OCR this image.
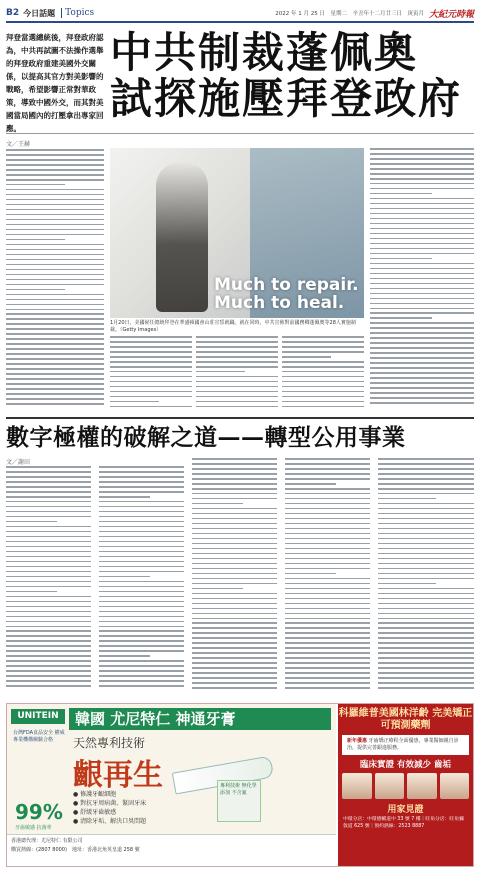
B2 今日話題 Topics	2022 年 1 月 25 日　星期二　辛丑年十二月廿三日　庚寅月 大紀元時報
拜登當選總統後，拜登政府認為，中共再試圖不法操作選舉的拜登政府重建美國外交關係，以提高其官方對美影響的戰略，希望影響正常對華政策，導致中國外交，而其對美國當局國內的打壓拿出專家回應。
中共制裁蓬佩奧
試探施壓拜登政府
文／王赫
Much to repair.
Much to heal.
1月20日，美國候任總統拜登在華盛頓國會山莊宣誓就職。就在同時，中共宣佈對前國務卿蓬佩奧等28人實施制裁。（Getty Images）
數字極權的破解之道——轉型公用事業
文／謝田
UNITEIN
台灣FDA食品安全 權威專業機構檢驗合格
99%
牙齒敏感 抗菌率
韓國 尤尼特仁 神通牙膏
天然專利技術
齦再生
● 修護牙齦細胞
● 對抗牙周病菌、緊固牙床
● 舒緩牙齒敏感
● 清除牙垢、解決口臭問題
專利技術 無化學添加 不含氟
香港總代理：尤尼特仁 有限公司
購買熱線：(2807 8000)　地址：香港北角英皇道 258 號
科羅維普美國林洋齡 完美矯正可預測藥劑
新年優惠 牙齒矯正療程全面優惠，專業醫師親自診治，提供完善跟進服務。
臨床實證 有效減少 齒垢
用家見證
中環分店：中環德輔道中 33 號 7 樓｜旺角分店：旺角彌敦道 625 號｜預約熱線：2523 8887
